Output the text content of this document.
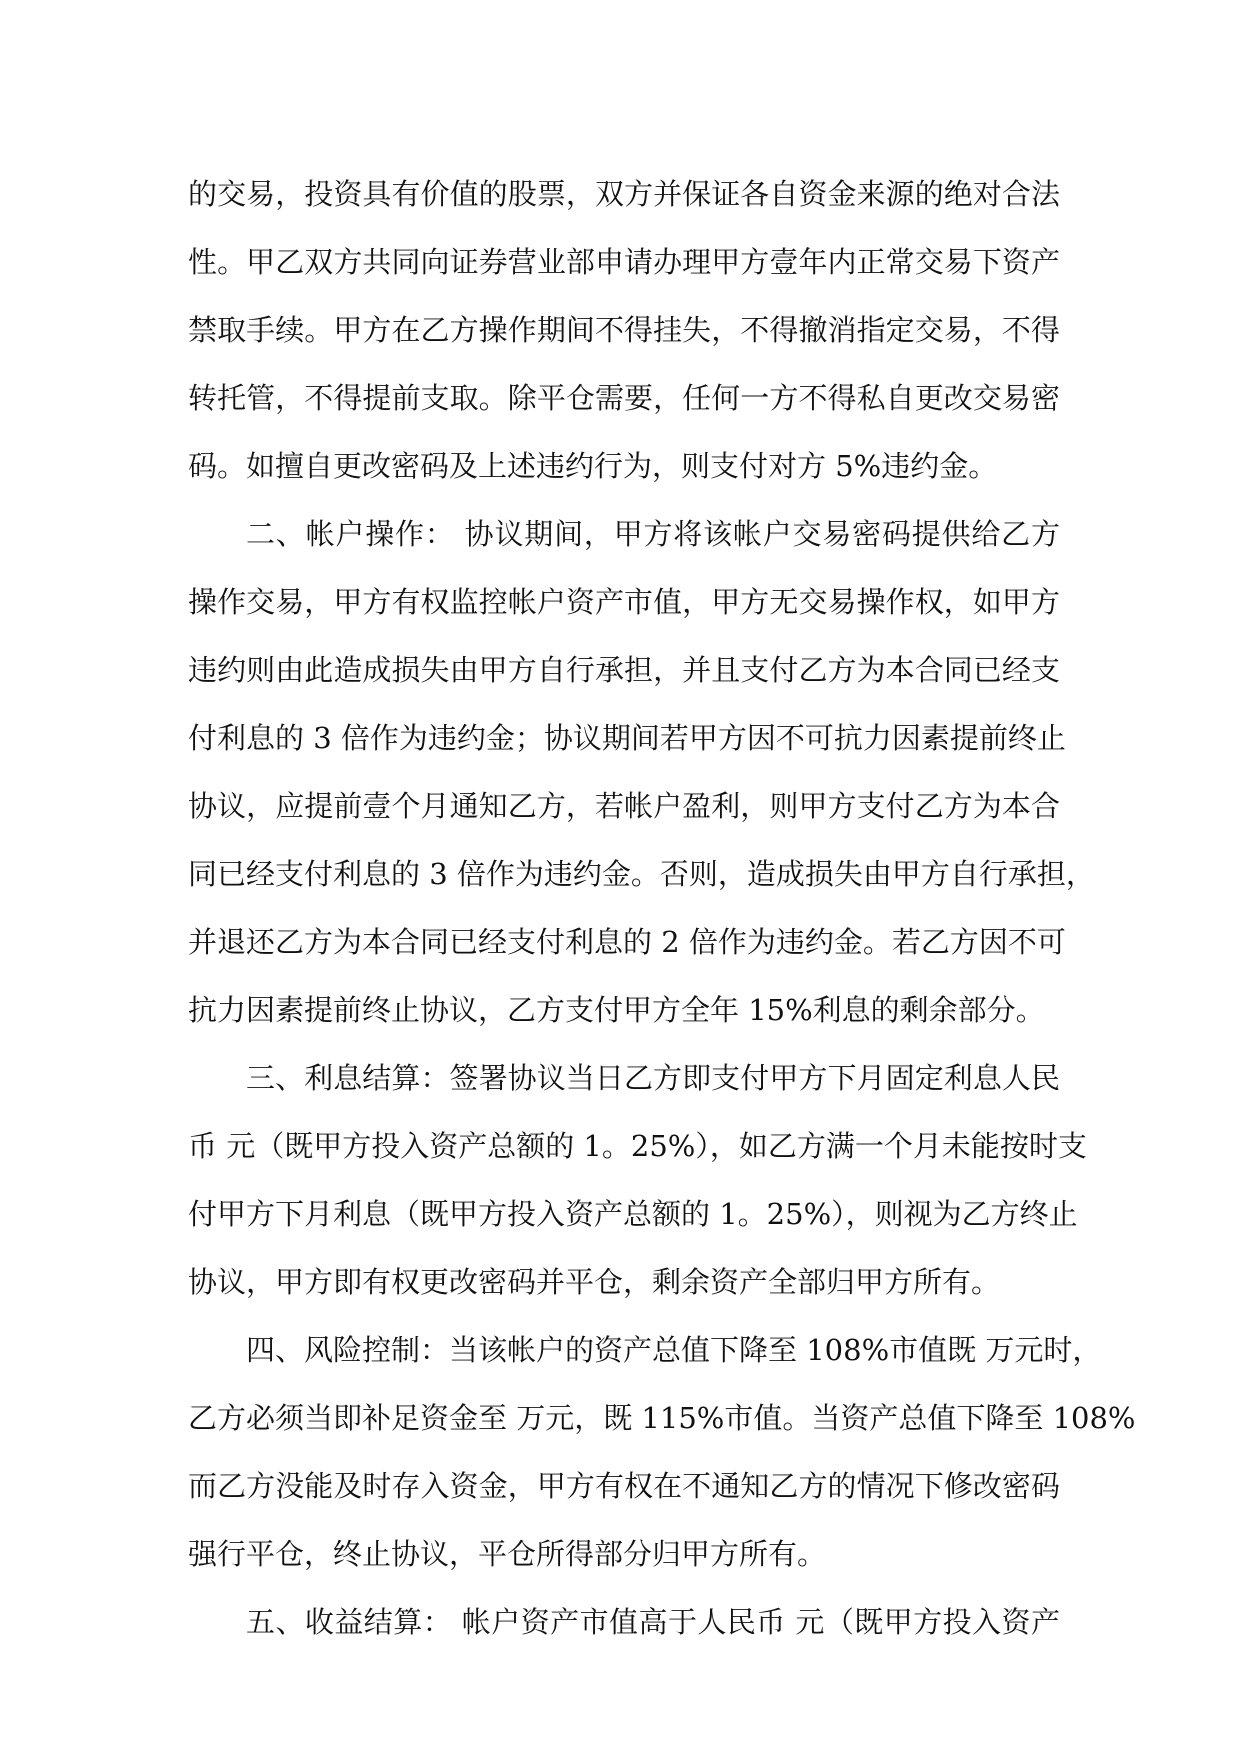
的交易，投资具有价值的股票，双方并保证各自资金来源的绝对合法
性。甲乙双方共同向证券营业部申请办理甲方壹年内正常交易下资产
禁取手续。甲方在乙方操作期间不得挂失，不得撤消指定交易，不得
转托管，不得提前支取。除平仓需要，任何一方不得私自更改交易密
码。如擅自更改密码及上述违约行为，则支付对方 5%违约金。
二、帐户操作： 协议期间，甲方将该帐户交易密码提供给乙方
操作交易，甲方有权监控帐户资产市值，甲方无交易操作权，如甲方
违约则由此造成损失由甲方自行承担，并且支付乙方为本合同已经支
付利息的 3 倍作为违约金；协议期间若甲方因不可抗力因素提前终止
协议，应提前壹个月通知乙方，若帐户盈利，则甲方支付乙方为本合
同已经支付利息的 3 倍作为违约金。否则，造成损失由甲方自行承担，
并退还乙方为本合同已经支付利息的 2 倍作为违约金。若乙方因不可
抗力因素提前终止协议，乙方支付甲方全年 15%利息的剩余部分。
三、利息结算：签署协议当日乙方即支付甲方下月固定利息人民
币 元（既甲方投入资产总额的 1。25%），如乙方满一个月未能按时支
付甲方下月利息（既甲方投入资产总额的 1。25%），则视为乙方终止
协议，甲方即有权更改密码并平仓，剩余资产全部归甲方所有。
四、风险控制：当该帐户的资产总值下降至 108%市值既 万元时，
乙方必须当即补足资金至 万元，既 115%市值。当资产总值下降至 108%
而乙方没能及时存入资金，甲方有权在不通知乙方的情况下修改密码
强行平仓，终止协议，平仓所得部分归甲方所有。
五、收益结算： 帐户资产市值高于人民币 元（既甲方投入资产
